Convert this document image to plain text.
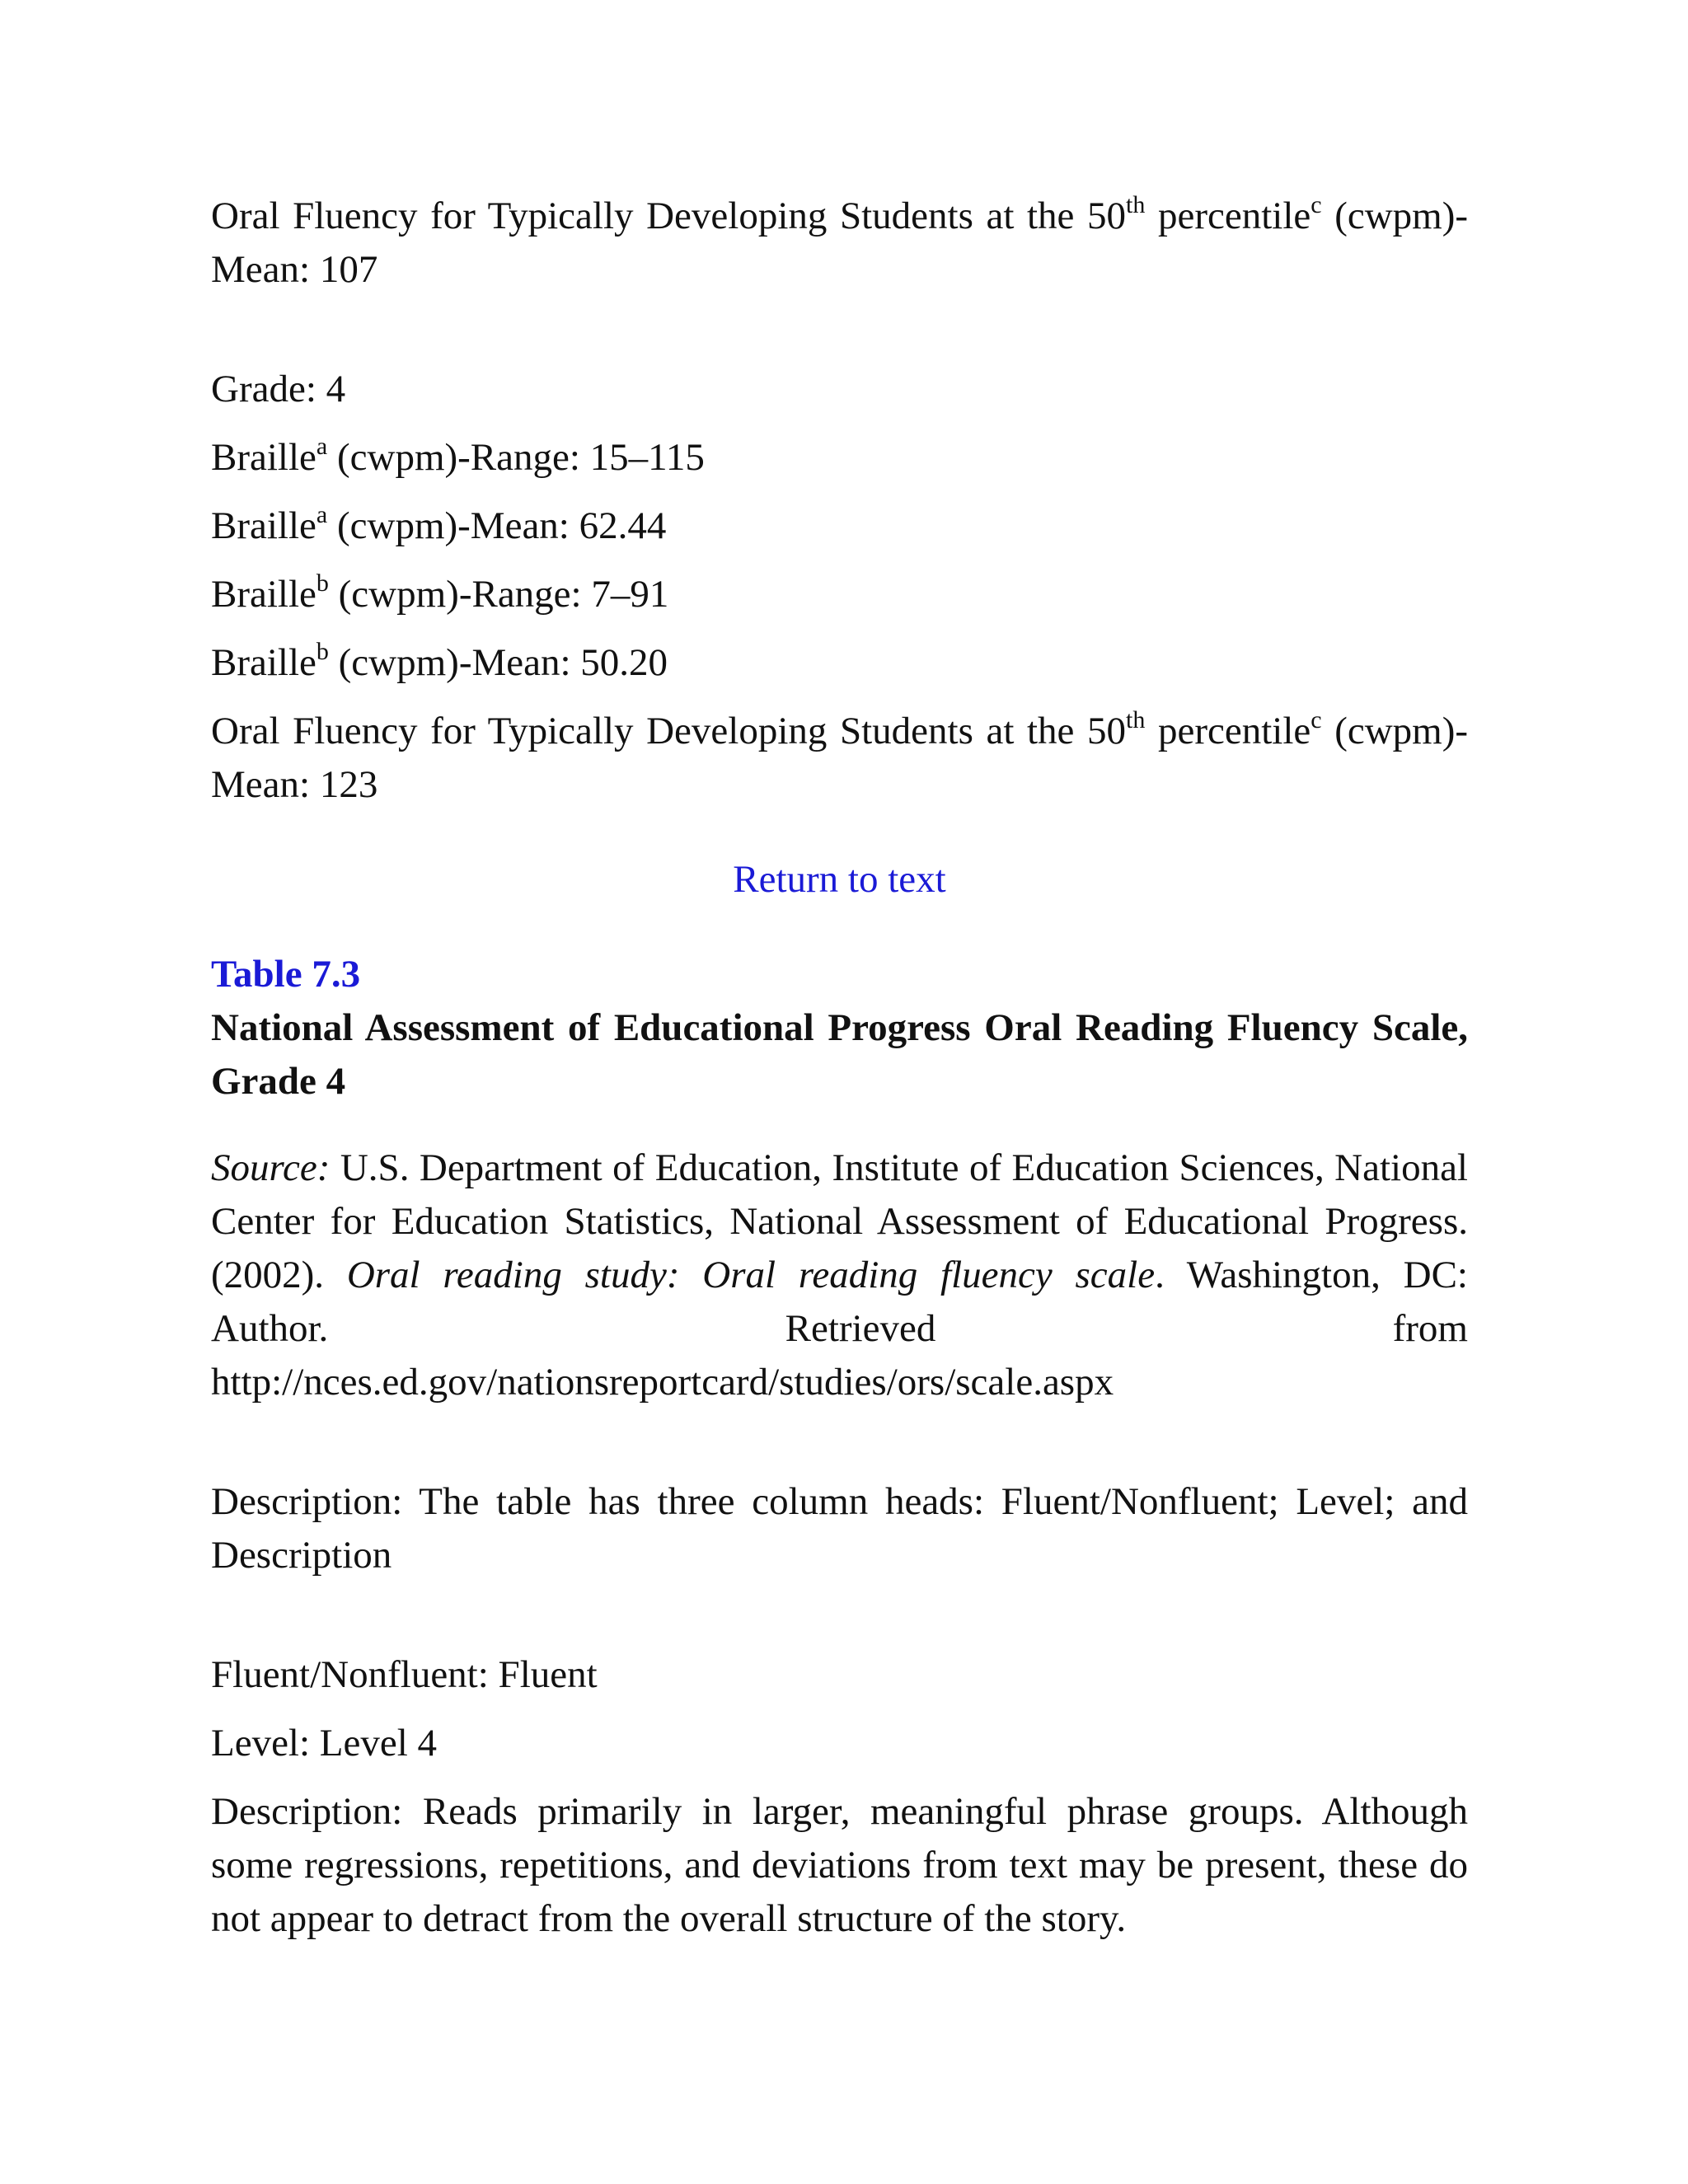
Oral Fluency for Typically Developing Students at the 50th percentile$^c$ (cwpm)-Mean: 107

Grade: 4

Braille$^a$ (cwpm)-Range: 15–115

Braille$^a$ (cwpm)-Mean: 62.44

Braille$^b$ (cwpm)-Range: 7–91

Braille$^b$ (cwpm)-Mean: 50.20

Oral Fluency for Typically Developing Students at the 50th percentile$^c$ (cwpm)-Mean: 123

Return to text

Table 7.3

National Assessment of Educational Progress Oral Reading Fluency Scale, Grade 4

Source: U.S. Department of Education, Institute of Education Sciences, National Center for Education Statistics, National Assessment of Educational Progress. (2002). Oral reading study: Oral reading fluency scale. Washington, DC: Author. Retrieved from http://nces.ed.gov/nationsreportcard/studies/ors/scale.aspx

Description: The table has three column heads: Fluent/Nonfluent; Level; and Description

Fluent/Nonfluent: Fluent

Level: Level 4

Description: Reads primarily in larger, meaningful phrase groups. Although some regressions, repetitions, and deviations from text may be present, these do not appear to detract from the overall structure of the story.
